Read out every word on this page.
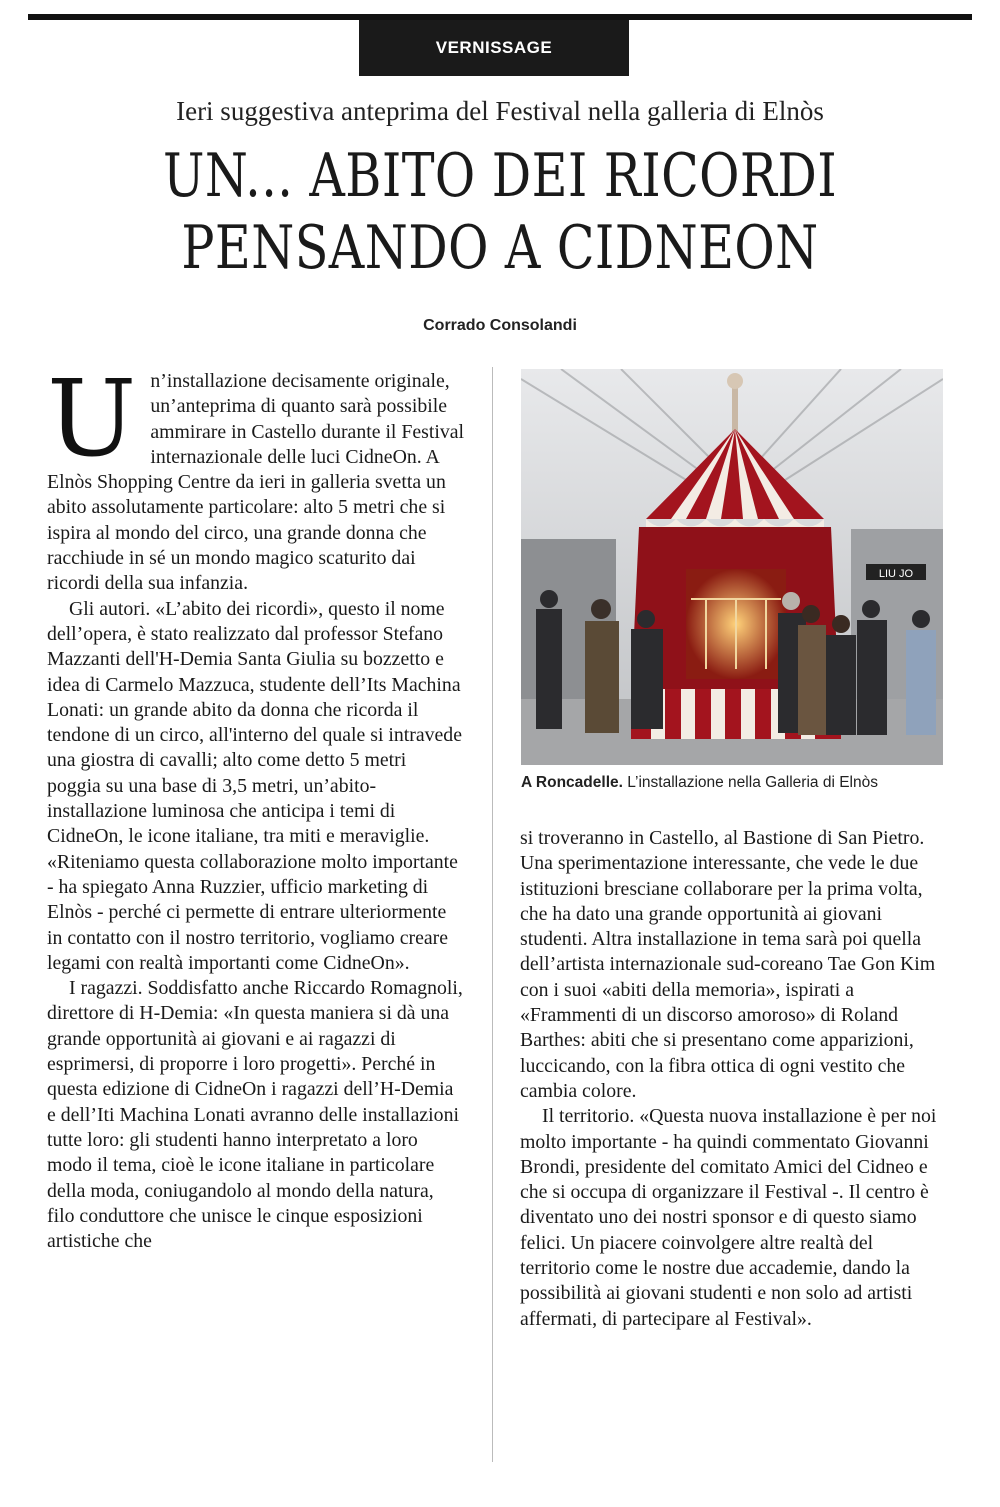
VERNISSAGE
Ieri suggestiva anteprima del Festival nella galleria di Elnòs
UN... ABITO DEI RICORDI
PENSANDO A CIDNEON
Corrado Consolandi

Un’installazione decisamente originale, un’anteprima di quanto sarà possibile ammirare in Castello durante il Festival internazionale delle luci CidneOn. A Elnòs Shopping Centre da ieri in galleria svetta un abito assolutamente particolare: alto 5 metri che si ispira al mondo del circo, una grande donna che racchiude in sé un mondo magico scaturito dai ricordi della sua infanzia.

Gli autori. «L’abito dei ricordi», questo il nome dell’opera, è stato realizzato dal professor Stefano Mazzanti dell'H-Demia Santa Giulia su bozzetto e idea di Carmelo Mazzuca, studente dell’Its Machina Lonati: un grande abito da donna che ricorda il tendone di un circo, all'interno del quale si intravede una giostra di cavalli; alto come detto 5 metri poggia su una base di 3,5 metri, un’abito-installazione luminosa che anticipa i temi di CidneOn, le icone italiane, tra miti e meraviglie. «Riteniamo questa collaborazione molto importante - ha spiegato Anna Ruzzier, ufficio marketing di Elnòs - perché ci permette di entrare ulteriormente in contatto con il nostro territorio, vogliamo creare legami con realtà importanti come CidneOn».

I ragazzi. Soddisfatto anche Riccardo Romagnoli, direttore di H-Demia: «In questa maniera si dà una grande opportunità ai giovani e ai ragazzi di esprimersi, di proporre i loro progetti». Perché in questa edizione di CidneOn i ragazzi dell’H-Demia e dell’Iti Machina Lonati avranno delle installazioni tutte loro: gli studenti hanno interpretato a loro modo il tema, cioè le icone italiane in particolare della moda, coniugandolo al mondo della natura, filo conduttore che unisce le cinque esposizioni artistiche che

LIU JO
A Roncadelle. L’installazione nella Galleria di Elnòs

si troveranno in Castello, al Bastione di San Pietro. Una sperimentazione interessante, che vede le due istituzioni bresciane collaborare per la prima volta, che ha dato una grande opportunità ai giovani studenti. Altra installazione in tema sarà poi quella dell’artista internazionale sud-coreano Tae Gon Kim con i suoi «abiti della memoria», ispirati a «Frammenti di un discorso amoroso» di Roland Barthes: abiti che si presentano come apparizioni, luccicando, con la fibra ottica di ogni vestito che cambia colore.

Il territorio. «Questa nuova installazione è per noi molto importante - ha quindi commentato Giovanni Brondi, presidente del comitato Amici del Cidneo e che si occupa di organizzare il Festival -. Il centro è diventato uno dei nostri sponsor e di questo siamo felici. Un piacere coinvolgere altre realtà del territorio come le nostre due accademie, dando la possibilità ai giovani studenti e non solo ad artisti affermati, di partecipare al Festival».
